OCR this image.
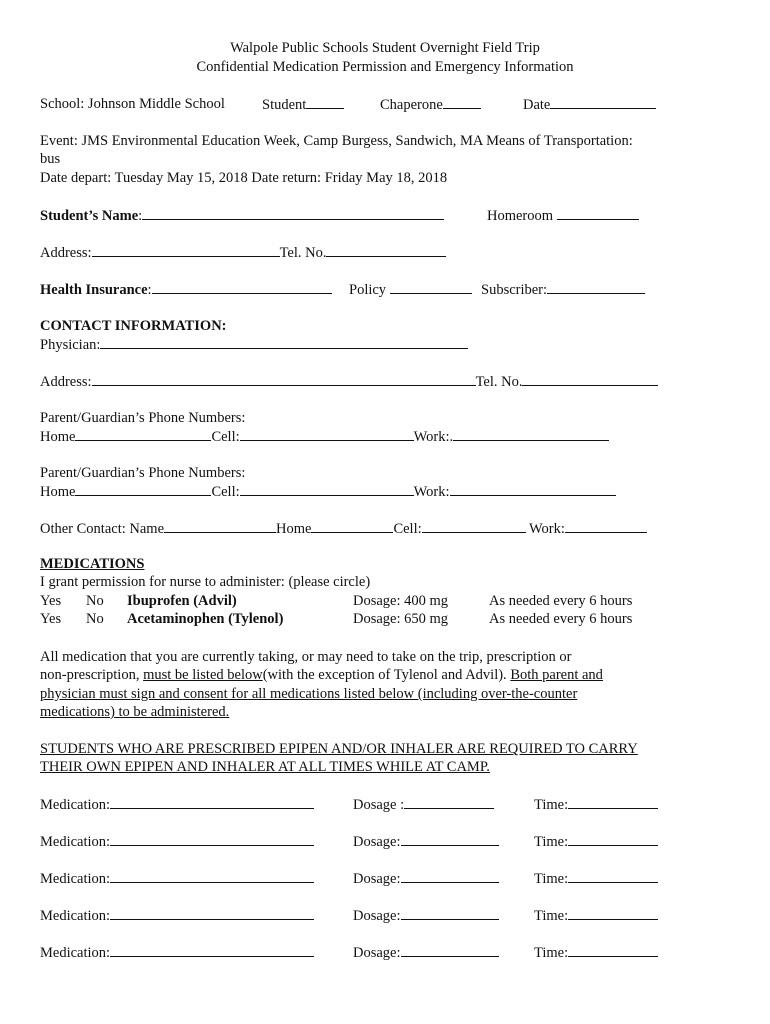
Walpole Public Schools Student Overnight Field Trip
Confidential Medication Permission and Emergency Information
School: Johnson Middle School	Student	Chaperone	Date
Event: JMS Environmental Education Week, Camp Burgess, Sandwich, MA Means of Transportation:
bus
Date depart: Tuesday May 15, 2018 Date return: Friday May 18, 2018
Student’s Name:	Homeroom
Address:	Tel. No.
Health Insurance:	Policy	Subscriber:
CONTACT INFORMATION:
Physician:
Address:	Tel. No.
Parent/Guardian’s Phone Numbers:
Home	Cell:	Work:.
Parent/Guardian’s Phone Numbers:
Home	Cell:	Work:
Other Contact: Name	Home	Cell:	Work:
MEDICATIONS
I grant permission for nurse to administer: (please circle)
Yes No Ibuprofen (Advil)	Dosage: 400 mg	As needed every 6 hours
Yes No Acetaminophen (Tylenol)	Dosage: 650 mg	As needed every 6 hours
All medication that you are currently taking, or may need to take on the trip, prescription or
non-prescription, must be listed below(with the exception of Tylenol and Advil). Both parent and
physician must sign and consent for all medications listed below (including over-the-counter
medications) to be administered.
STUDENTS WHO ARE PRESCRIBED EPIPEN AND/OR INHALER ARE REQUIRED TO CARRY
THEIR OWN EPIPEN AND INHALER AT ALL TIMES WHILE AT CAMP.
Medication:	Dosage :	Time:
Medication:	Dosage:	Time:
Medication:	Dosage:	Time:
Medication:	Dosage:	Time:
Medication:	Dosage:	Time:
